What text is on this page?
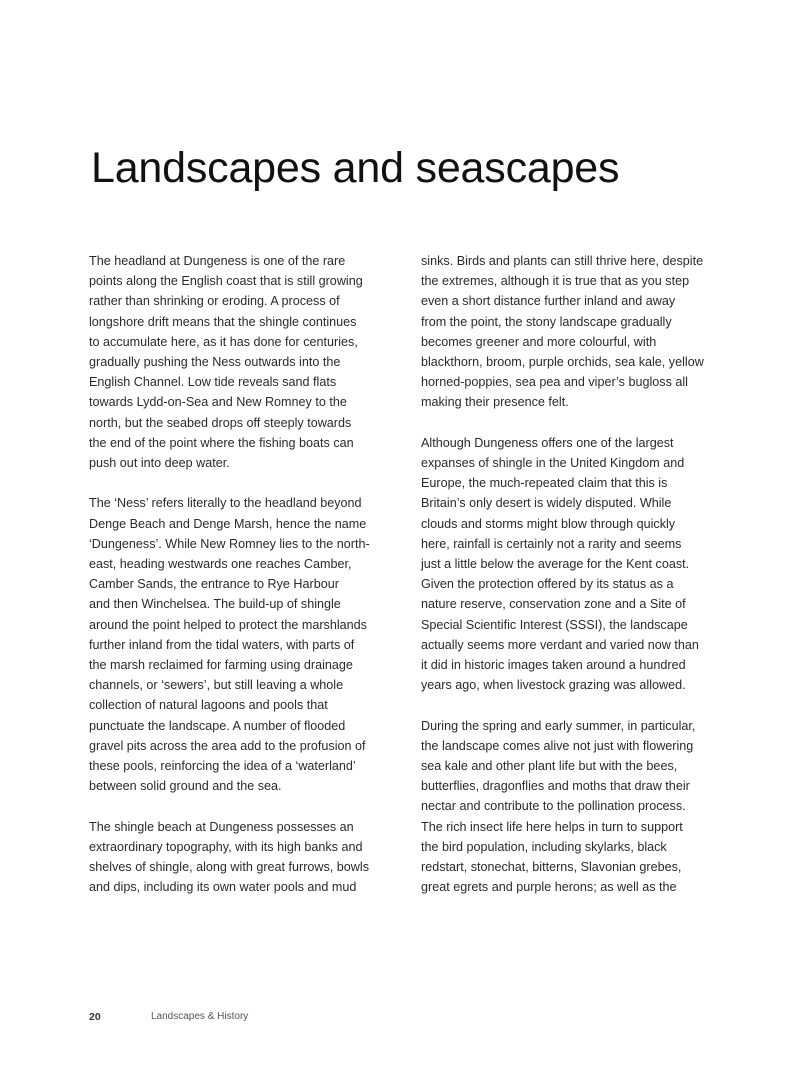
Landscapes and seascapes

The headland at Dungeness is one of the rare
points along the English coast that is still growing
rather than shrinking or eroding. A process of
longshore drift means that the shingle continues
to accumulate here, as it has done for centuries,
gradually pushing the Ness outwards into the
English Channel. Low tide reveals sand flats
towards Lydd-on-Sea and New Romney to the
north, but the seabed drops off steeply towards
the end of the point where the fishing boats can
push out into deep water.

The ‘Ness’ refers literally to the headland beyond
Denge Beach and Denge Marsh, hence the name
‘Dungeness’. While New Romney lies to the north-
east, heading westwards one reaches Camber,
Camber Sands, the entrance to Rye Harbour
and then Winchelsea. The build-up of shingle
around the point helped to protect the marshlands
further inland from the tidal waters, with parts of
the marsh reclaimed for farming using drainage
channels, or ‘sewers’, but still leaving a whole
collection of natural lagoons and pools that
punctuate the landscape. A number of flooded
gravel pits across the area add to the profusion of
these pools, reinforcing the idea of a ‘waterland’
between solid ground and the sea.

The shingle beach at Dungeness possesses an
extraordinary topography, with its high banks and
shelves of shingle, along with great furrows, bowls
and dips, including its own water pools and mud

sinks. Birds and plants can still thrive here, despite
the extremes, although it is true that as you step
even a short distance further inland and away
from the point, the stony landscape gradually
becomes greener and more colourful, with
blackthorn, broom, purple orchids, sea kale, yellow
horned-poppies, sea pea and viper’s bugloss all
making their presence felt.

Although Dungeness offers one of the largest
expanses of shingle in the United Kingdom and
Europe, the much-repeated claim that this is
Britain’s only desert is widely disputed. While
clouds and storms might blow through quickly
here, rainfall is certainly not a rarity and seems
just a little below the average for the Kent coast.
Given the protection offered by its status as a
nature reserve, conservation zone and a Site of
Special Scientific Interest (SSSI), the landscape
actually seems more verdant and varied now than
it did in historic images taken around a hundred
years ago, when livestock grazing was allowed.

During the spring and early summer, in particular,
the landscape comes alive not just with flowering
sea kale and other plant life but with the bees,
butterflies, dragonflies and moths that draw their
nectar and contribute to the pollination process.
The rich insect life here helps in turn to support
the bird population, including skylarks, black
redstart, stonechat, bitterns, Slavonian grebes,
great egrets and purple herons; as well as the

20	Landscapes & History
